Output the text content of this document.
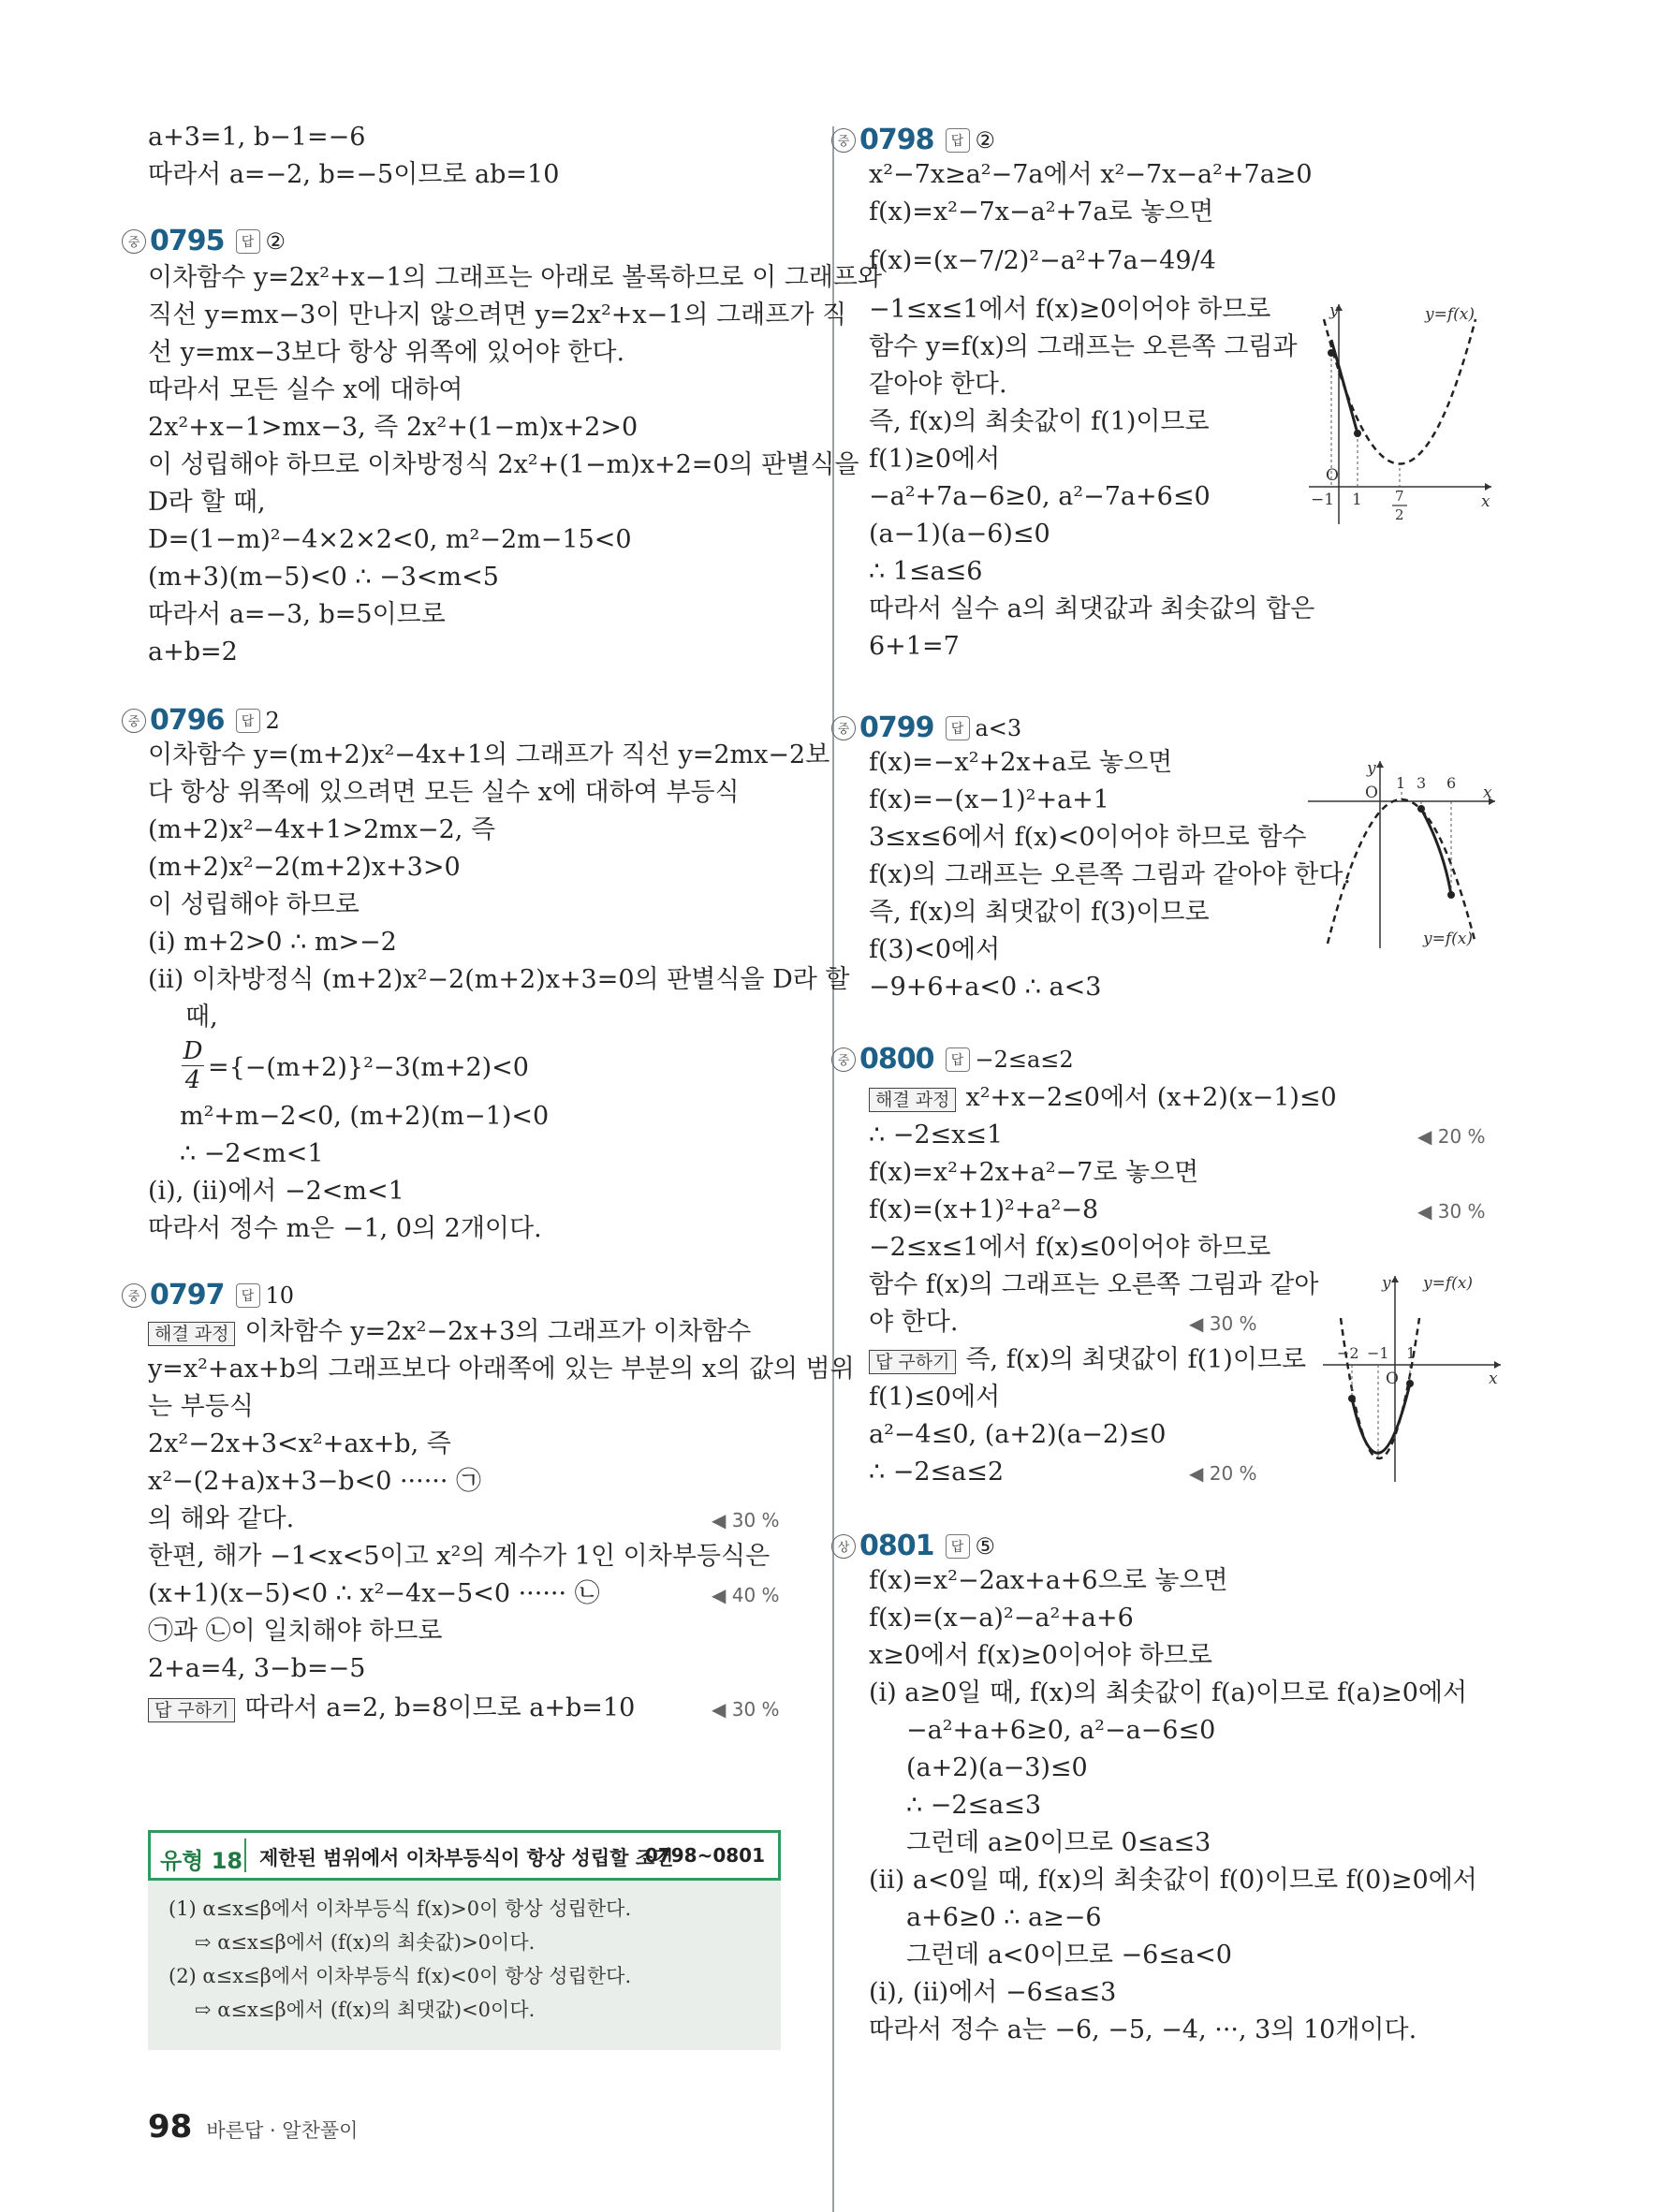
a+3=1, b−1=−6
따라서 a=−2, b=−5이므로 ab=10
중 0795	답 ②
이차함수 y=2x²+x−1의 그래프는 아래로 볼록하므로 이 그래프와
직선 y=mx−3이 만나지 않으려면 y=2x²+x−1의 그래프가 직
선 y=mx−3보다 항상 위쪽에 있어야 한다.
따라서 모든 실수 x에 대하여
2x²+x−1>mx−3, 즉 2x²+(1−m)x+2>0
이 성립해야 하므로 이차방정식 2x²+(1−m)x+2=0의 판별식을
D라 할 때,
D=(1−m)²−4×2×2<0, m²−2m−15<0
(m+3)(m−5)<0 ∴ −3<m<5
따라서 a=−3, b=5이므로
a+b=2
중 0796	답 2
이차함수 y=(m+2)x²−4x+1의 그래프가 직선 y=2mx−2보
다 항상 위쪽에 있으려면 모든 실수 x에 대하여 부등식
(m+2)x²−4x+1>2mx−2, 즉
(m+2)x²−2(m+2)x+3>0
이 성립해야 하므로
(ⅰ) m+2>0 ∴ m>−2
(ⅱ) 이차방정식 (m+2)x²−2(m+2)x+3=0의 판별식을 D라 할
때,
$\frac{D}{4} =\{-(m+2)\}^2-3(m+2)<0$
m²+m−2<0, (m+2)(m−1)<0
∴ −2<m<1
(ⅰ), (ⅱ)에서 −2<m<1
따라서 정수 m은 −1, 0의 2개이다.
중 0797	답 10
해결 과정 이차함수 y=2x²−2x+3의 그래프가 이차함수
y=x²+ax+b의 그래프보다 아래쪽에 있는 부분의 x의 값의 범위
는 부등식
2x²−2x+3<x²+ax+b, 즉
x²−(2+a)x+3−b<0 ······ ㉠
의 해와 같다.	◀ 30 %
한편, 해가 −1<x<5이고 x²의 계수가 1인 이차부등식은
(x+1)(x−5)<0 ∴ x²−4x−5<0 ······ ㉡	◀ 40 %
㉠과 ㉡이 일치해야 하므로
2+a=4, 3−b=−5
답 구하기 따라서 a=2, b=8이므로 a+b=10	◀ 30 %
유형 18 제한된 범위에서 이차부등식이 항상 성립할 조건
0798~0801
(1) α≤x≤β에서 이차부등식 f(x)>0이 항상 성립한다.
⇨ α≤x≤β에서 (f(x)의 최솟값)>0이다.
(2) α≤x≤β에서 이차부등식 f(x)<0이 항상 성립한다.
⇨ α≤x≤β에서 (f(x)의 최댓값)<0이다.
98 바른답 · 알찬풀이
중 0798	답 ②
x²−7x≥a²−7a에서 x²−7x−a²+7a≥0
f(x)=x²−7x−a²+7a로 놓으면
f(x)=(x−7/2)²−a²+7a−49/4
−1≤x≤1에서 f(x)≥0이어야 하므로
함수 y=f(x)의 그래프는 오른쪽 그림과
같아야 한다.
즉, f(x)의 최솟값이 f(1)이므로
f(1)≥0에서
−a²+7a−6≥0, a²−7a+6≤0
(a−1)(a−6)≤0
∴ 1≤a≤6
따라서 실수 a의 최댓값과 최솟값의 합은
6+1=7
중 0799	답 a<3
f(x)=−x²+2x+a로 놓으면
f(x)=−(x−1)²+a+1
3≤x≤6에서 f(x)<0이어야 하므로 함수
f(x)의 그래프는 오른쪽 그림과 같아야 한다.
즉, f(x)의 최댓값이 f(3)이므로
f(3)<0에서
−9+6+a<0 ∴ a<3
중 0800	답 −2≤a≤2
해결 과정 x²+x−2≤0에서 (x+2)(x−1)≤0
∴ −2≤x≤1	◀ 20 %
f(x)=x²+2x+a²−7로 놓으면
f(x)=(x+1)²+a²−8	◀ 30 %
−2≤x≤1에서 f(x)≤0이어야 하므로
함수 f(x)의 그래프는 오른쪽 그림과 같아
야 한다.	◀ 30 %
답 구하기 즉, f(x)의 최댓값이 f(1)이므로
f(1)≤0에서
a²−4≤0, (a+2)(a−2)≤0
∴ −2≤a≤2	◀ 20 %
상 0801	답 ⑤
f(x)=x²−2ax+a+6으로 놓으면
f(x)=(x−a)²−a²+a+6
x≥0에서 f(x)≥0이어야 하므로
(ⅰ) a≥0일 때, f(x)의 최솟값이 f(a)이므로 f(a)≥0에서
−a²+a+6≥0, a²−a−6≤0
(a+2)(a−3)≤0
∴ −2≤a≤3
그런데 a≥0이므로 0≤a≤3
(ⅱ) a<0일 때, f(x)의 최솟값이 f(0)이므로 f(0)≥0에서
a+6≥0 ∴ a≥−6
그런데 a<0이므로 −6≤a<0
(ⅰ), (ⅱ)에서 −6≤a≤3
따라서 정수 a는 −6, −5, −4, ···, 3의 10개이다.
O
y
x
y=f(x)
−1 1 7
2
O
y
x
y=f(x)
1 3 6
O
y
x
y=f(x)
−2 −1 1
